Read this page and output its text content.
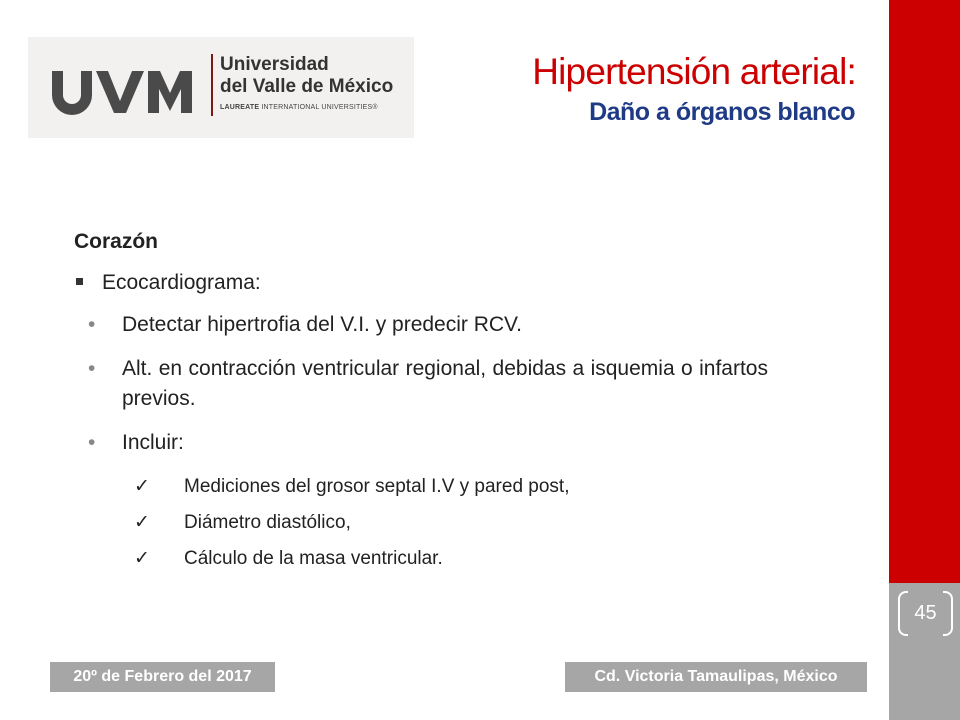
45
Universidad
del Valle de México
LAUREATE INTERNATIONAL UNIVERSITIES®
Hipertensión arterial:
Daño a órganos blanco
Corazón
Ecocardiograma:
• Detectar hipertrofia del V.I. y predecir RCV.
• Alt. en contracción ventricular regional, debidas a isquemia o infartos previos.
• Incluir:
✓ Mediciones del grosor septal I.V y pared post,
✓ Diámetro diastólico,
✓ Cálculo de la masa ventricular.
20º de Febrero del 2017	Cd. Victoria Tamaulipas, México
